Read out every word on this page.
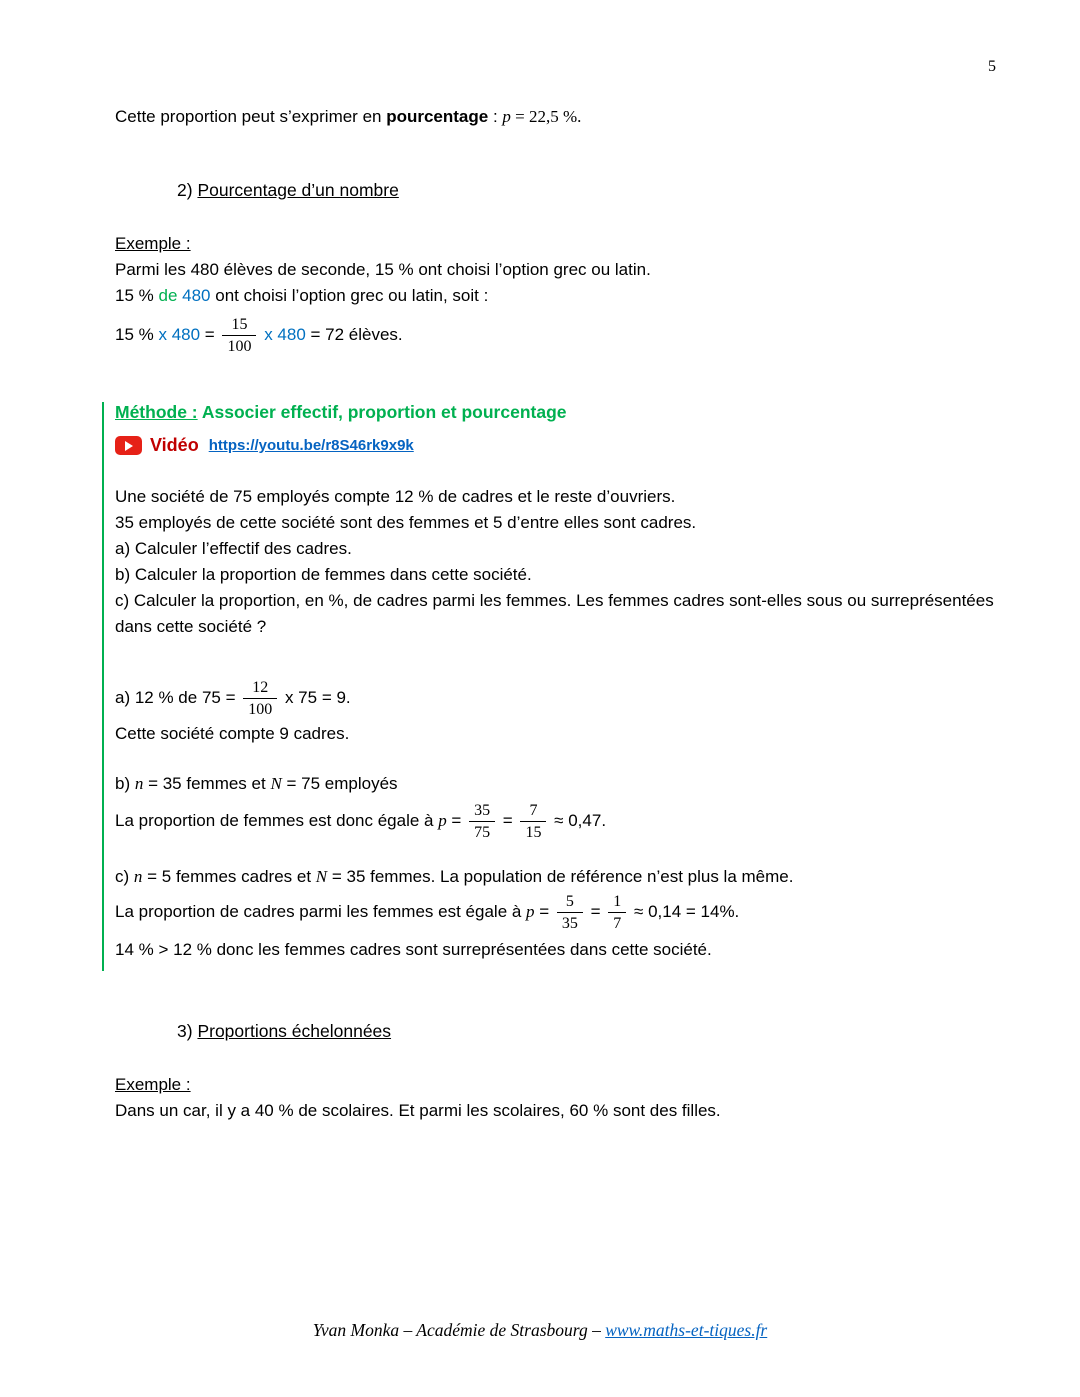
5

Cette proportion peut s’exprimer en pourcentage : p = 22,5 %.

2) Pourcentage d’un nombre

Exemple :

Parmi les 480 élèves de seconde, 15 % ont choisi l’option grec ou latin.

15 % de 480 ont choisi l’option grec ou latin, soit :

15 % x $480 = \frac{15}{100}$ x 480 = 72 élèves.

Méthode : Associer effectif, proportion et pourcentage
Vidéo https://youtu.be/r8S46rk9x9k

Une société de 75 employés compte 12 % de cadres et le reste d’ouvriers.

35 employés de cette société sont des femmes et 5 d’entre elles sont cadres.

a) Calculer l’effectif des cadres.

b) Calculer la proportion de femmes dans cette société.

c) Calculer la proportion, en %, de cadres parmi les femmes. Les femmes cadres sont-elles sous ou surreprésentées dans cette société ?

a) 12 % de $75 = \frac{12}{100}$ x 75 = 9.

Cette société compte 9 cadres.

b) n = 35 femmes et N = 75 employés

La proportion de femmes est donc égale à $p = \frac{35}{75} = \frac{7}{15} \approx 0,47$.

c) n = 5 femmes cadres et N = 35 femmes. La population de référence n’est plus la même.

La proportion de cadres parmi les femmes est égale à $p = \frac{5}{35} = \frac{1}{7} \approx 0,14 = 14\%$.

14 % > 12 % donc les femmes cadres sont surreprésentées dans cette société.

3) Proportions échelonnées

Exemple :

Dans un car, il y a 40 % de scolaires. Et parmi les scolaires, 60 % sont des filles.

Yvan Monka – Académie de Strasbourg – www.maths-et-tiques.fr
